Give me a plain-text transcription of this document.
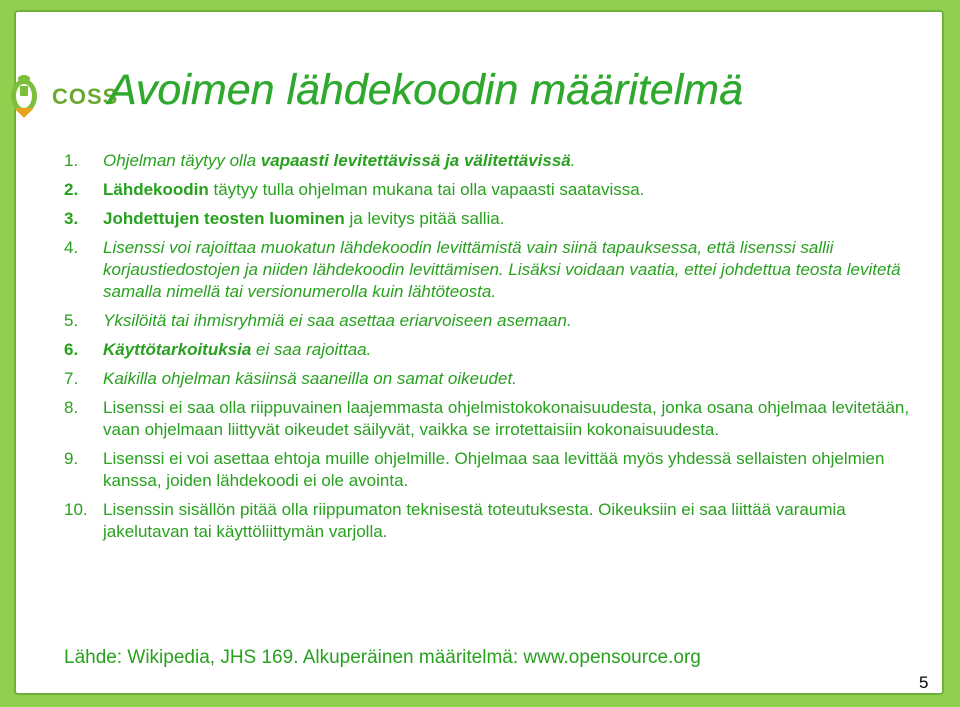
COSS
Avoimen lähdekoodin määritelmä
1. Ohjelman täytyy olla vapaasti levitettävissä ja välitettävissä.
2. Lähdekoodin täytyy tulla ohjelman mukana tai olla vapaasti saatavissa.
3. Johdettujen teosten luominen ja levitys pitää sallia.
4. Lisenssi voi rajoittaa muokatun lähdekoodin levittämistä vain siinä tapauksessa, että lisenssi sallii korjaustiedostojen ja niiden lähdekoodin levittämisen. Lisäksi voidaan vaatia, ettei johdettua teosta levitetä samalla nimellä tai versionumerolla kuin lähtöteosta.
5. Yksilöitä tai ihmisryhmiä ei saa asettaa eriarvoiseen asemaan.
6. Käyttötarkoituksia ei saa rajoittaa.
7. Kaikilla ohjelman käsiinsä saaneilla on samat oikeudet.
8. Lisenssi ei saa olla riippuvainen laajemmasta ohjelmistokokonaisuudesta, jonka osana ohjelmaa levitetään, vaan ohjelmaan liittyvät oikeudet säilyvät, vaikka se irrotettaisiin kokonaisuudesta.
9. Lisenssi ei voi asettaa ehtoja muille ohjelmille. Ohjelmaa saa levittää myös yhdessä sellaisten ohjelmien kanssa, joiden lähdekoodi ei ole avointa.
10. Lisenssin sisällön pitää olla riippumaton teknisestä toteutuksesta. Oikeuksiin ei saa liittää varaumia jakelutavan tai käyttöliittymän varjolla.
Lähde: Wikipedia, JHS 169. Alkuperäinen määritelmä: www.opensource.org
5
